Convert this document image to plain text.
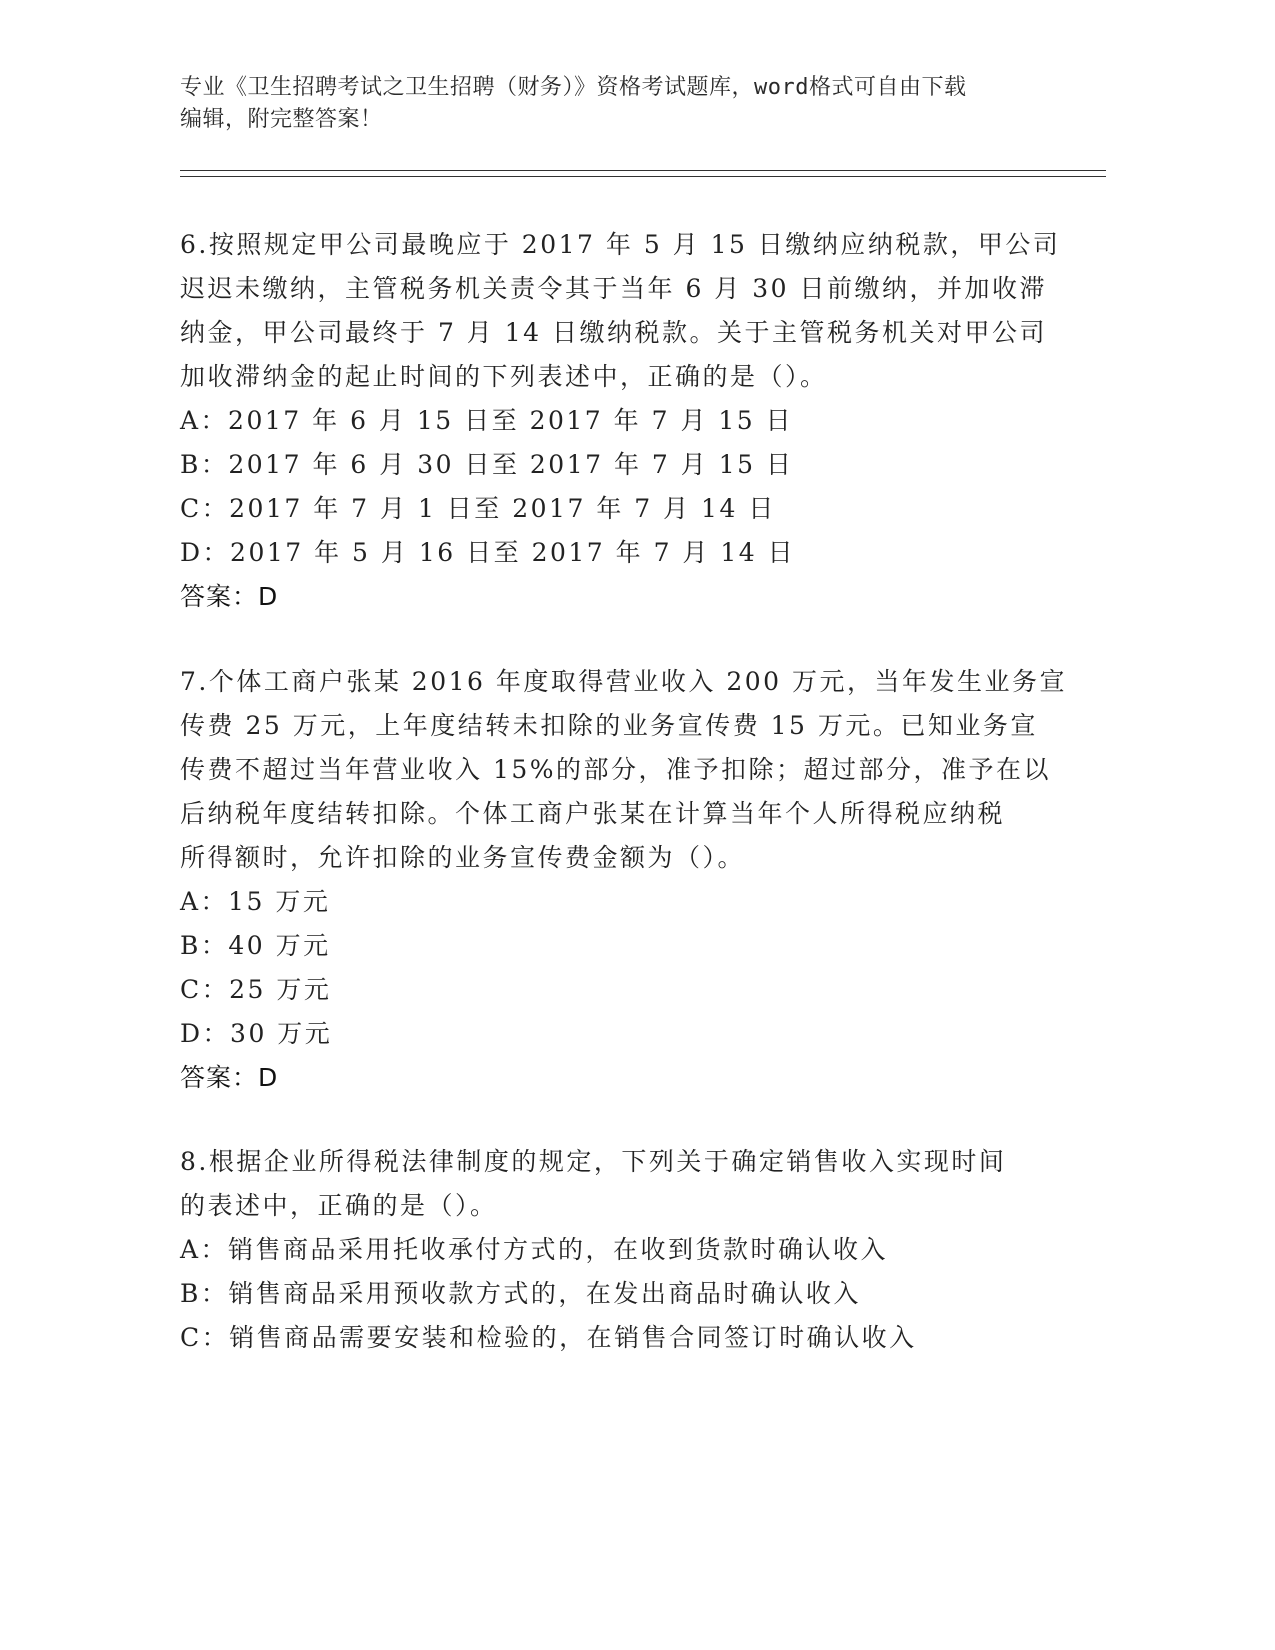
专业《卫生招聘考试之卫生招聘（财务）》资格考试题库，word格式可自由下载
编辑，附完整答案！
6.按照规定甲公司最晚应于 2017 年 5 月 15 日缴纳应纳税款，甲公司
迟迟未缴纳，主管税务机关责令其于当年 6 月 30 日前缴纳，并加收滞
纳金，甲公司最终于 7 月 14 日缴纳税款。关于主管税务机关对甲公司
加收滞纳金的起止时间的下列表述中，正确的是（）。
A：2017 年 6 月 15 日至 2017 年 7 月 15 日
B：2017 年 6 月 30 日至 2017 年 7 月 15 日
C：2017 年 7 月 1 日至 2017 年 7 月 14 日
D：2017 年 5 月 16 日至 2017 年 7 月 14 日
答案：D
7.个体工商户张某 2016 年度取得营业收入 200 万元，当年发生业务宣
传费 25 万元，上年度结转未扣除的业务宣传费 15 万元。已知业务宣
传费不超过当年营业收入 15%的部分，准予扣除；超过部分，准予在以
后纳税年度结转扣除。个体工商户张某在计算当年个人所得税应纳税
所得额时，允许扣除的业务宣传费金额为（）。
A：15 万元
B：40 万元
C：25 万元
D：30 万元
答案：D
8.根据企业所得税法律制度的规定，下列关于确定销售收入实现时间
的表述中，正确的是（）。
A：销售商品采用托收承付方式的，在收到货款时确认收入
B：销售商品采用预收款方式的，在发出商品时确认收入
C：销售商品需要安装和检验的，在销售合同签订时确认收入
